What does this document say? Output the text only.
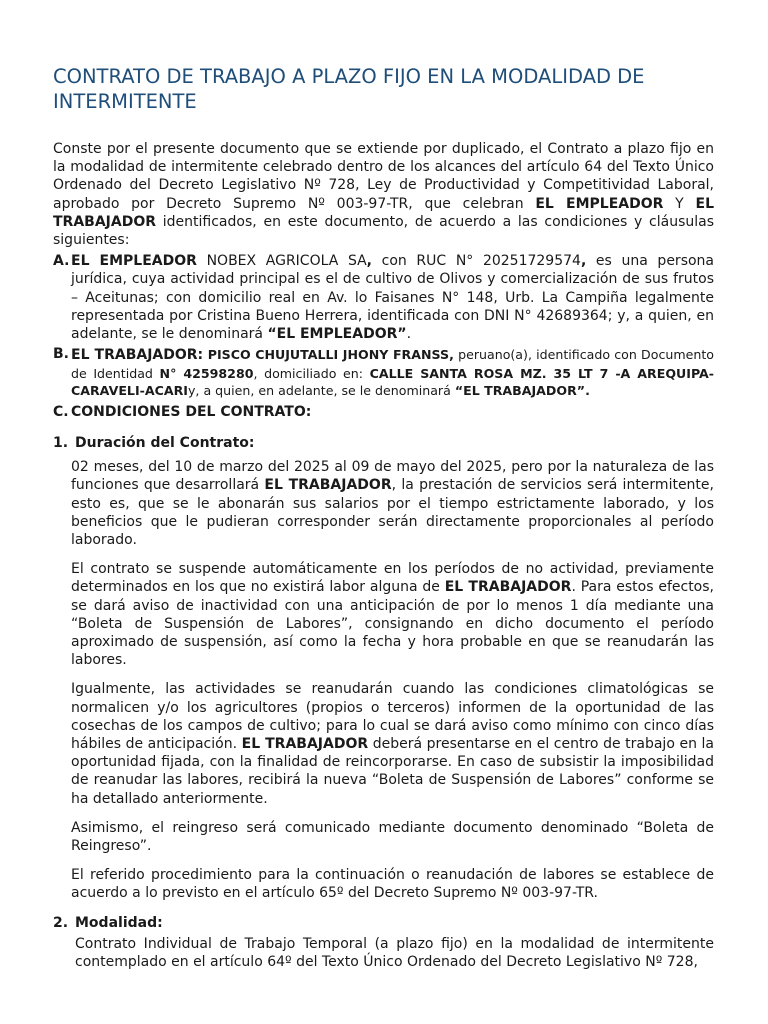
CONTRATO DE TRABAJO A PLAZO FIJO EN LA MODALIDAD DE INTERMITENTE

Conste por el presente documento que se extiende por duplicado, el Contrato a plazo fijo en la modalidad de intermitente celebrado dentro de los alcances del artículo 64 del Texto Único Ordenado del Decreto Legislativo Nº 728, Ley de Productividad y Competitividad Laboral, aprobado por Decreto Supremo Nº 003-97-TR, que celebran EL EMPLEADOR Y EL TRABAJADOR identificados, en este documento, de acuerdo a las condiciones y cláusulas siguientes:

A. EL EMPLEADOR NOBEX AGRICOLA SA, con RUC N° 20251729574, es una persona jurídica, cuya actividad principal es el de cultivo de Olivos y comercialización de sus frutos – Aceitunas; con domicilio real en Av. lo Faisanes N° 148, Urb. La Campiña legalmente representada por Cristina Bueno Herrera, identificada con DNI N° 42689364; y, a quien, en adelante, se le denominará “EL EMPLEADOR”.
B. EL TRABAJADOR: PISCO CHUJUTALLI JHONY FRANSS, peruano(a), identificado con Documento de Identidad N° 42598280, domiciliado en: CALLE SANTA ROSA MZ. 35 LT 7 -A AREQUIPA-CARAVELI-ACARIy, a quien, en adelante, se le denominará “EL TRABAJADOR”.
C. CONDICIONES DEL CONTRATO:
1. Duración del Contrato:

02 meses, del 10 de marzo del 2025 al 09 de mayo del 2025, pero por la naturaleza de las funciones que desarrollará EL TRABAJADOR, la prestación de servicios será intermitente, esto es, que se le abonarán sus salarios por el tiempo estrictamente laborado, y los beneficios que le pudieran corresponder serán directamente proporcionales al período laborado.

El contrato se suspende automáticamente en los períodos de no actividad, previamente determinados en los que no existirá labor alguna de EL TRABAJADOR. Para estos efectos, se dará aviso de inactividad con una anticipación de por lo menos 1 día mediante una “Boleta de Suspensión de Labores”, consignando en dicho documento el período aproximado de suspensión, así como la fecha y hora probable en que se reanudarán las labores.

Igualmente, las actividades se reanudarán cuando las condiciones climatológicas se normalicen y/o los agricultores (propios o terceros) informen de la oportunidad de las cosechas de los campos de cultivo; para lo cual se dará aviso como mínimo con cinco días hábiles de anticipación. EL TRABAJADOR deberá presentarse en el centro de trabajo en la oportunidad fijada, con la finalidad de reincorporarse. En caso de subsistir la imposibilidad de reanudar las labores, recibirá la nueva “Boleta de Suspensión de Labores” conforme se ha detallado anteriormente.

Asimismo, el reingreso será comunicado mediante documento denominado “Boleta de Reingreso”.

El referido procedimiento para la continuación o reanudación de labores se establece de acuerdo a lo previsto en el artículo 65º del Decreto Supremo Nº 003-97-TR.

2. Modalidad:

Contrato Individual de Trabajo Temporal (a plazo fijo) en la modalidad de intermitente contemplado en el artículo 64º del Texto Único Ordenado del Decreto Legislativo Nº 728,
